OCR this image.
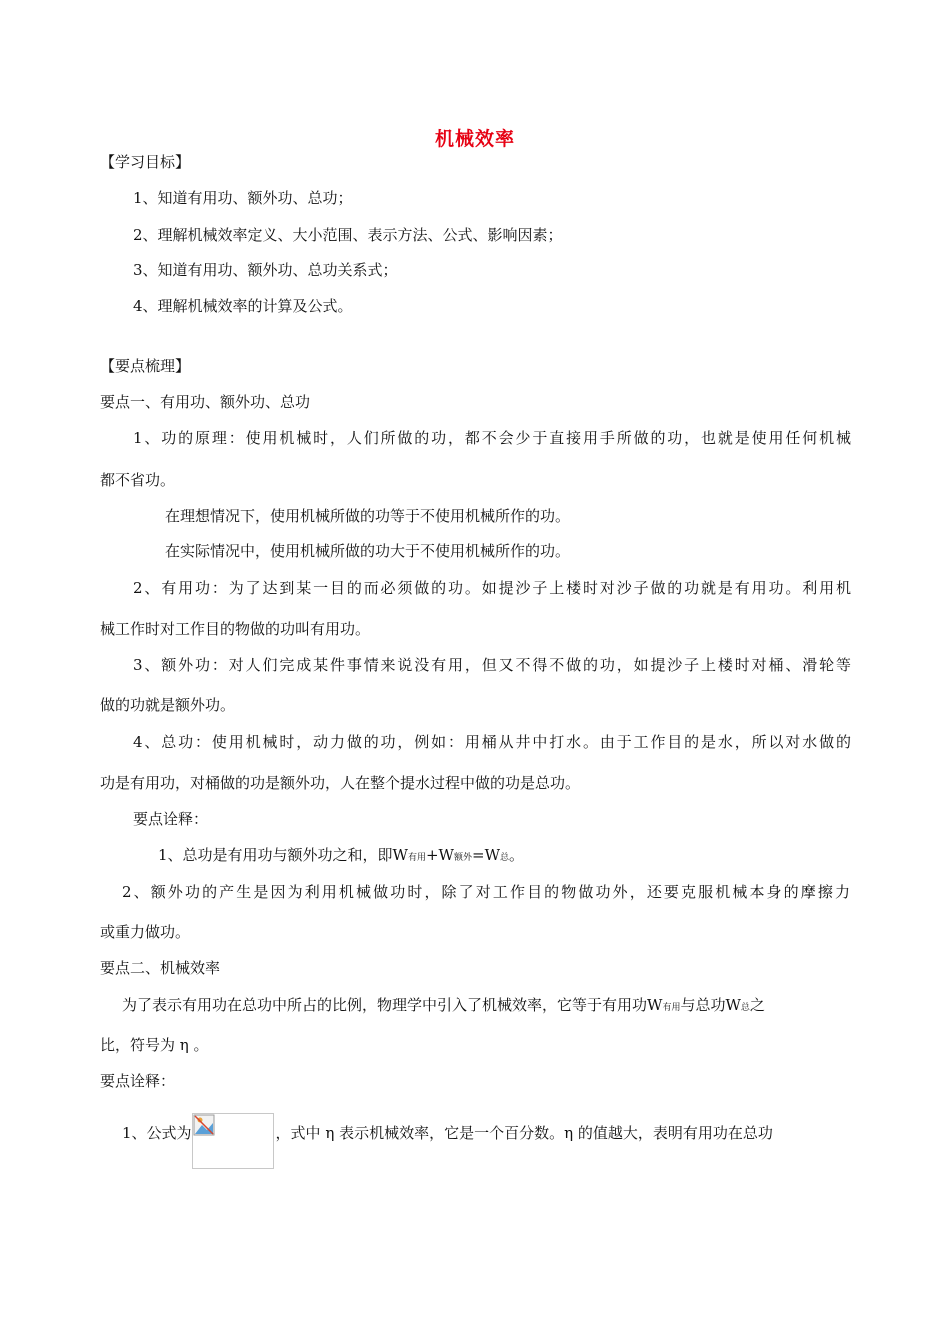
机械效率
【学习目标】
1、知道有用功、额外功、总功；
2、理解机械效率定义、大小范围、表示方法、公式、影响因素；
3、知道有用功、额外功、总功关系式；
4、理解机械效率的计算及公式。
【要点梳理】
要点一、有用功、额外功、总功
1、功的原理：使用机械时，人们所做的功，都不会少于直接用手所做的功，也就是使用任何机械
都不省功。
在理想情况下，使用机械所做的功等于不使用机械所作的功。
在实际情况中，使用机械所做的功大于不使用机械所作的功。
2、有用功：为了达到某一目的而必须做的功。如提沙子上楼时对沙子做的功就是有用功。利用机
械工作时对工作目的物做的功叫有用功。
3、额外功：对人们完成某件事情来说没有用，但又不得不做的功，如提沙子上楼时对桶、滑轮等
做的功就是额外功。
4、总功：使用机械时，动力做的功，例如：用桶从井中打水。由于工作目的是水，所以对水做的
功是有用功，对桶做的功是额外功，人在整个提水过程中做的功是总功。
要点诠释：
1、总功是有用功与额外功之和，即W有用+W额外=W总。
2、额外功的产生是因为利用机械做功时，除了对工作目的物做功外，还要克服机械本身的摩擦力
或重力做功。
要点二、机械效率
为了表示有用功在总功中所占的比例，物理学中引入了机械效率，它等于有用功W有用与总功W总之
比，符号为 η 。
要点诠释：
1、公式为	，式中 η 表示机械效率，它是一个百分数。η 的值越大，表明有用功在总功
